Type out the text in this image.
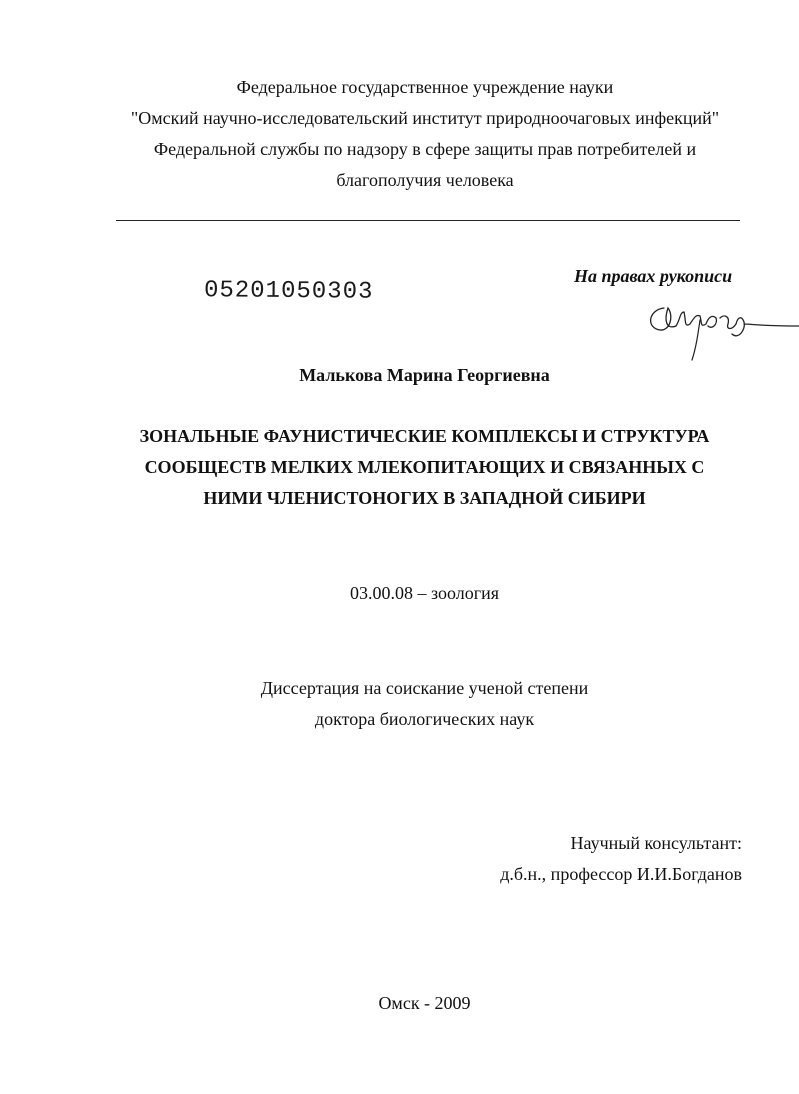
Федеральное государственное учреждение науки
"Омский научно-исследовательский институт природноочаговых инфекций"
Федеральной службы по надзору в сфере защиты прав потребителей и
благополучия человека
05201050303
На правах рукописи
Малькова Марина Георгиевна
ЗОНАЛЬНЫЕ ФАУНИСТИЧЕСКИЕ КОМПЛЕКСЫ И СТРУКТУРА
СООБЩЕСТВ МЕЛКИХ МЛЕКОПИТАЮЩИХ И СВЯЗАННЫХ С
НИМИ ЧЛЕНИСТОНОГИХ В ЗАПАДНОЙ СИБИРИ
03.00.08 – зоология
Диссертация на соискание ученой степени
доктора биологических наук
Научный консультант:
д.б.н., профессор И.И.Богданов
Омск - 2009
